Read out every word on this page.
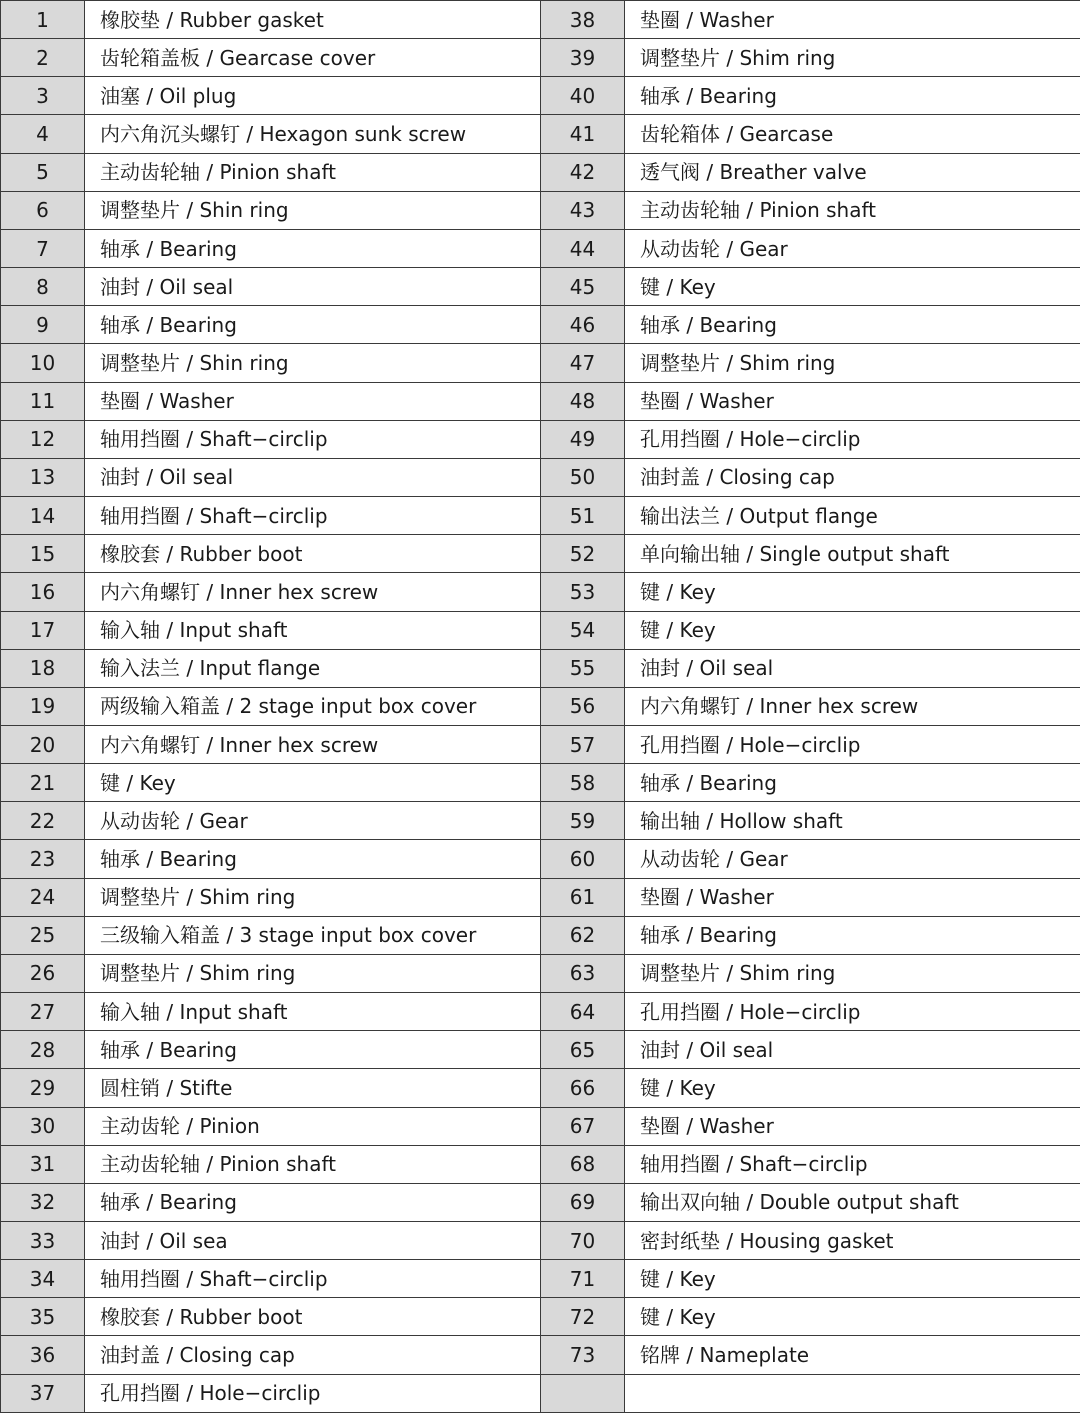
1	橡胶垫 / Rubber gasket	38	垫圈 / Washer
2	齿轮箱盖板 / Gearcase cover	39	调整垫片 / Shim ring
3	油塞 / Oil plug	40	轴承 / Bearing
4	内六角沉头螺钉 / Hexagon sunk screw	41	齿轮箱体 / Gearcase
5	主动齿轮轴 / Pinion shaft	42	透气阀 / Breather valve
6	调整垫片 / Shin ring	43	主动齿轮轴 / Pinion shaft
7	轴承 / Bearing	44	从动齿轮 / Gear
8	油封 / Oil seal	45	键 / Key
9	轴承 / Bearing	46	轴承 / Bearing
10	调整垫片 / Shin ring	47	调整垫片 / Shim ring
11	垫圈 / Washer	48	垫圈 / Washer
12	轴用挡圈 / Shaft−circlip	49	孔用挡圈 / Hole−circlip
13	油封 / Oil seal	50	油封盖 / Closing cap
14	轴用挡圈 / Shaft−circlip	51	输出法兰 / Output flange
15	橡胶套 / Rubber boot	52	单向输出轴 / Single output shaft
16	内六角螺钉 / Inner hex screw	53	键 / Key
17	输入轴 / Input shaft	54	键 / Key
18	输入法兰 / Input flange	55	油封 / Oil seal
19	两级输入箱盖 / 2 stage input box cover	56	内六角螺钉 / Inner hex screw
20	内六角螺钉 / Inner hex screw	57	孔用挡圈 / Hole−circlip
21	键 / Key	58	轴承 / Bearing
22	从动齿轮 / Gear	59	输出轴 / Hollow shaft
23	轴承 / Bearing	60	从动齿轮 / Gear
24	调整垫片 / Shim ring	61	垫圈 / Washer
25	三级输入箱盖 / 3 stage input box cover	62	轴承 / Bearing
26	调整垫片 / Shim ring	63	调整垫片 / Shim ring
27	输入轴 / Input shaft	64	孔用挡圈 / Hole−circlip
28	轴承 / Bearing	65	油封 / Oil seal
29	圆柱销 / Stifte	66	键 / Key
30	主动齿轮 / Pinion	67	垫圈 / Washer
31	主动齿轮轴 / Pinion shaft	68	轴用挡圈 / Shaft−circlip
32	轴承 / Bearing	69	输出双向轴 / Double output shaft
33	油封 / Oil sea	70	密封纸垫 / Housing gasket
34	轴用挡圈 / Shaft−circlip	71	键 / Key
35	橡胶套 / Rubber boot	72	键 / Key
36	油封盖 / Closing cap	73	铭牌 / Nameplate
37	孔用挡圈 / Hole−circlip		
